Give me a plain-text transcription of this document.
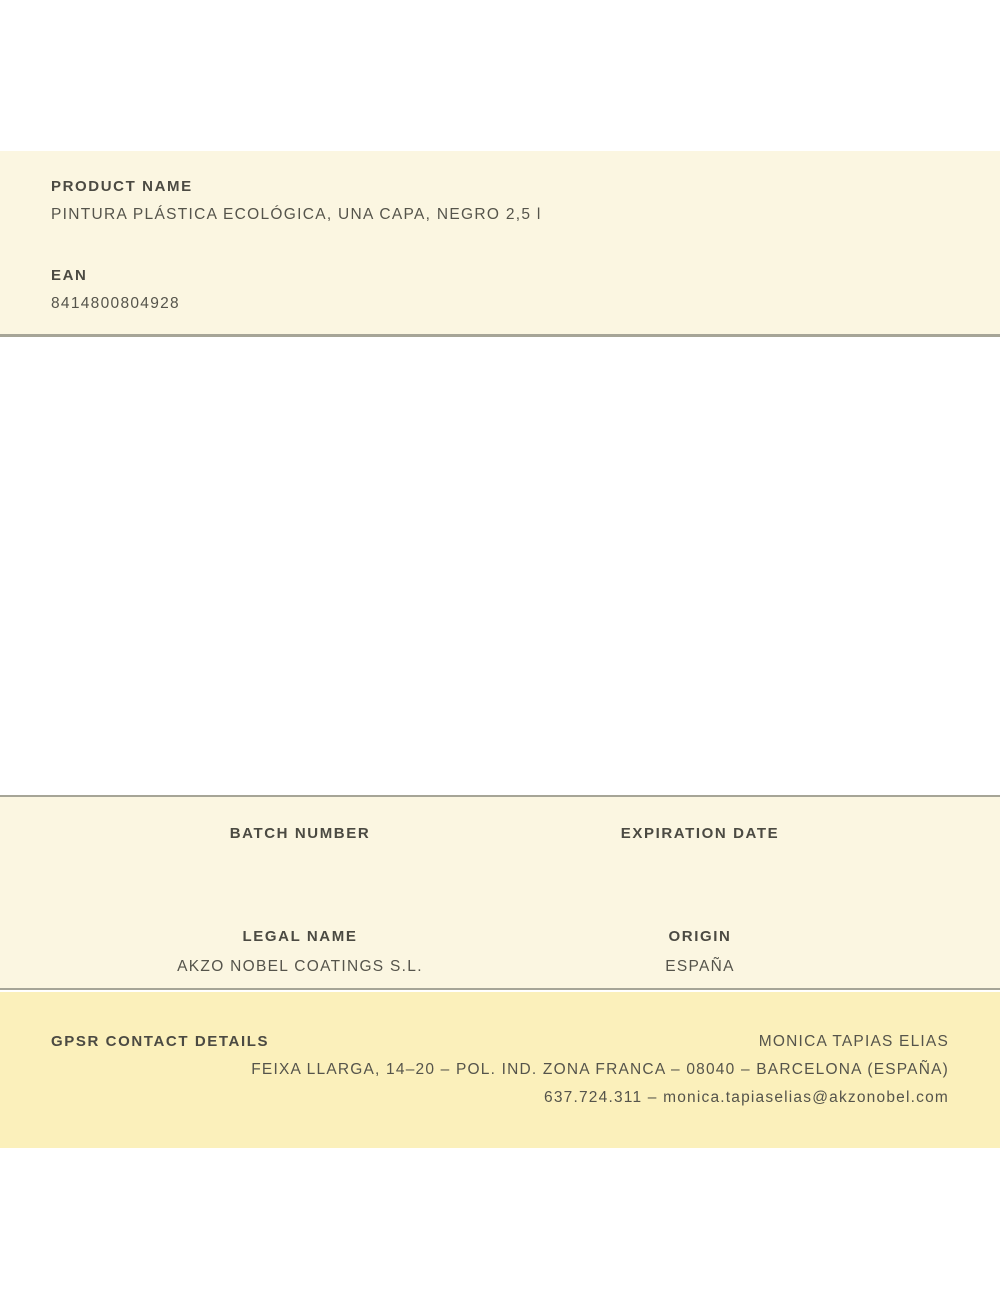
PRODUCT NAME
PINTURA PLÁSTICA ECOLÓGICA, UNA CAPA, NEGRO 2,5 l
EAN
8414800804928
BATCH NUMBER	EXPIRATION DATE
LEGAL NAME
AKZO NOBEL COATINGS S.L.
ORIGIN
ESPAÑA
GPSR CONTACT DETAILS	MONICA TAPIAS ELIAS
FEIXA LLARGA, 14–20 – POL. IND. ZONA FRANCA – 08040 – BARCELONA (ESPAÑA)
637.724.311 – monica.tapiaselias@akzonobel.com
